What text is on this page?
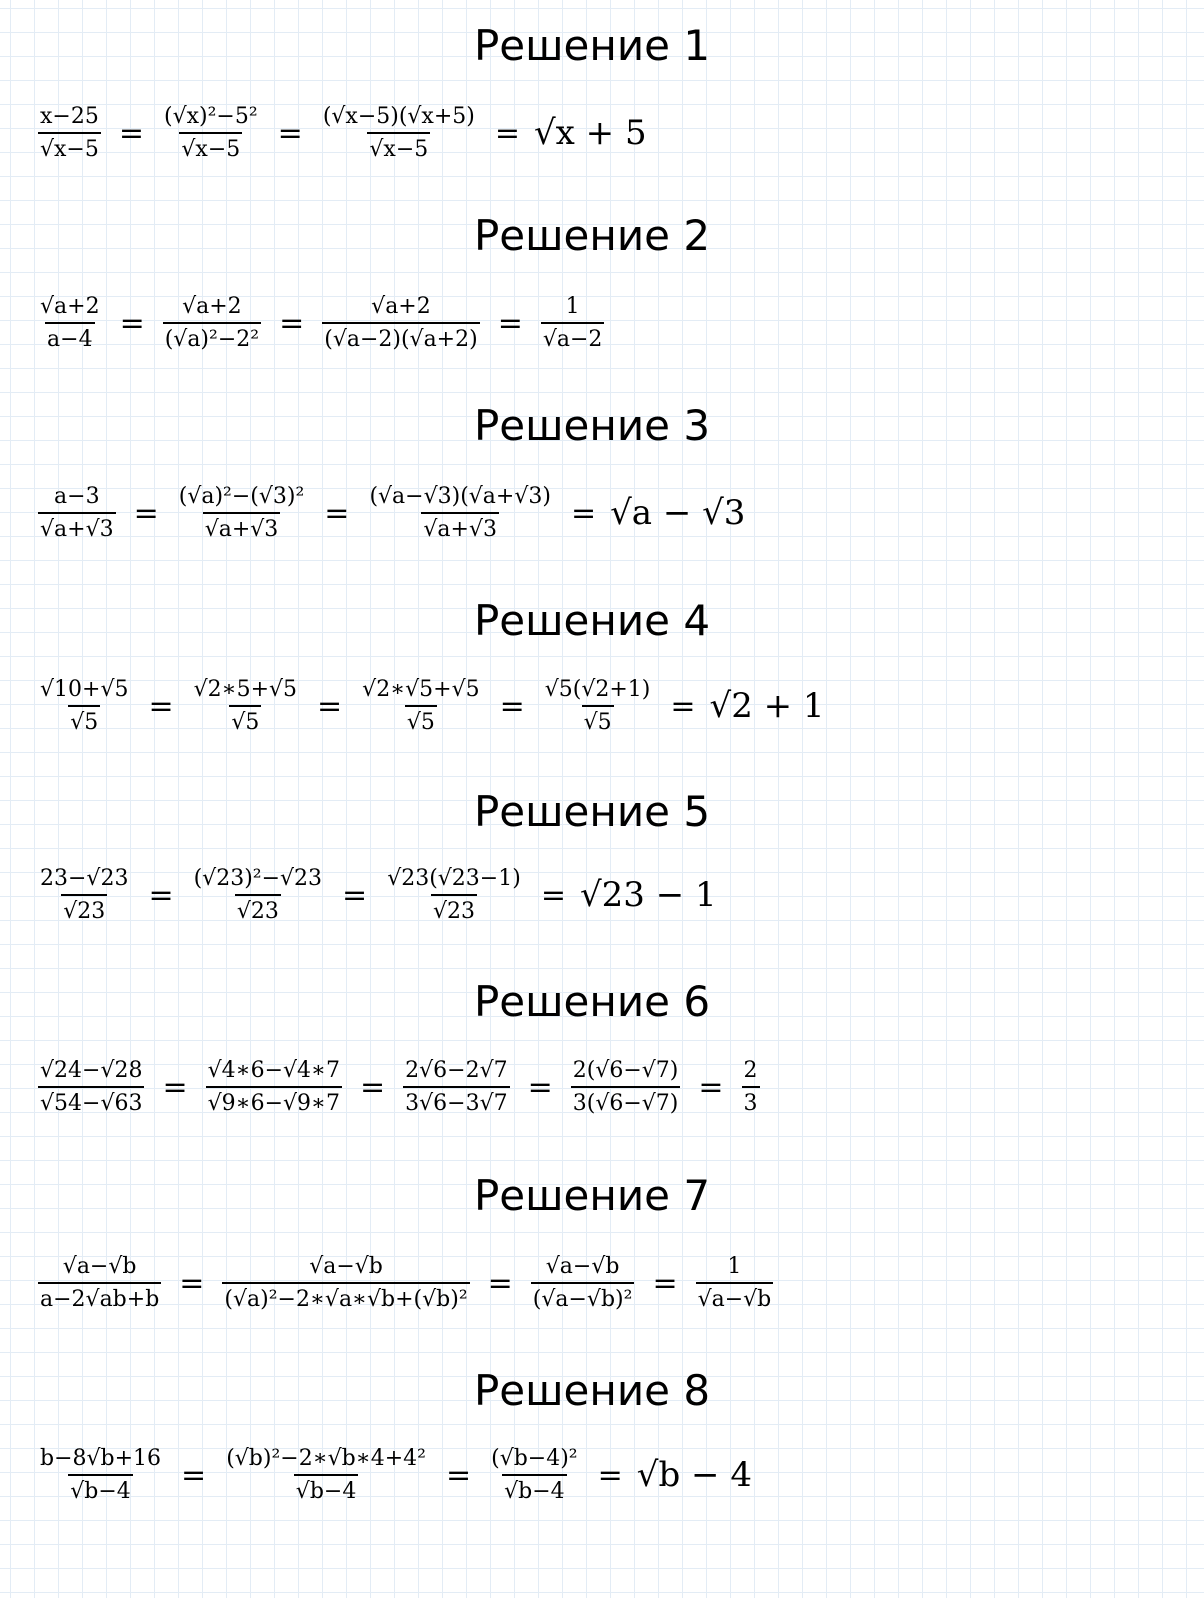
Решение 1
$\frac{x-25}{√x-5} = \frac{\text{(√x)²−5²}}{√x-5} = \frac{(√x-5)(√x+5)}{√x-5} = √x + 5$
Решение 2
$\frac{√a+2}{a-4} = \frac{√a+2}{\text{(√a)²−2²}} = \frac{√a+2}{(√a-2)(√a+2)} = \frac{1}{√a-2}$
Решение 3
$\frac{a-3}{√a+√3} = \frac{\text{(√a)²−(√3)²}}{√a+√3} = \frac{(√a-√3)(√a+√3)}{√a+√3} = √a - √3$
Решение 4
$\frac{√10+√5}{√5} = \frac{√2∗5+√5}{√5} = \frac{√2∗√5+√5}{√5} = \frac{√5(√2+1)}{√5} = √2 + 1$
Решение 5
$\frac{23-√23}{√23} = \frac{\text{(√23)²−√23}}{√23} = \frac{√23(√23-1)}{√23} = √23 - 1$
Решение 6
$\frac{√24-√28}{√54-√63} = \frac{√4∗6-√4∗7}{√9∗6-√9∗7} = \frac{2√6-2√7}{3√6-3√7} = \frac{2(√6-√7)}{3(√6-√7)} = \frac{2}{3}$
Решение 7
$\frac{√a-√b}{a-2√ab+b} = \frac{√a-√b}{\text{(√a)²−2∗√a∗√b+(√b)²}} = \frac{√a-√b}{\text{(√a−√b)²}} = \frac{1}{√a-√b}$
Решение 8
$\frac{b-8√b+16}{√b-4} = \frac{\text{(√b)²−2∗√b∗4+4²}}{√b-4} = \frac{\text{(√b−4)²}}{√b-4} = √b - 4$
